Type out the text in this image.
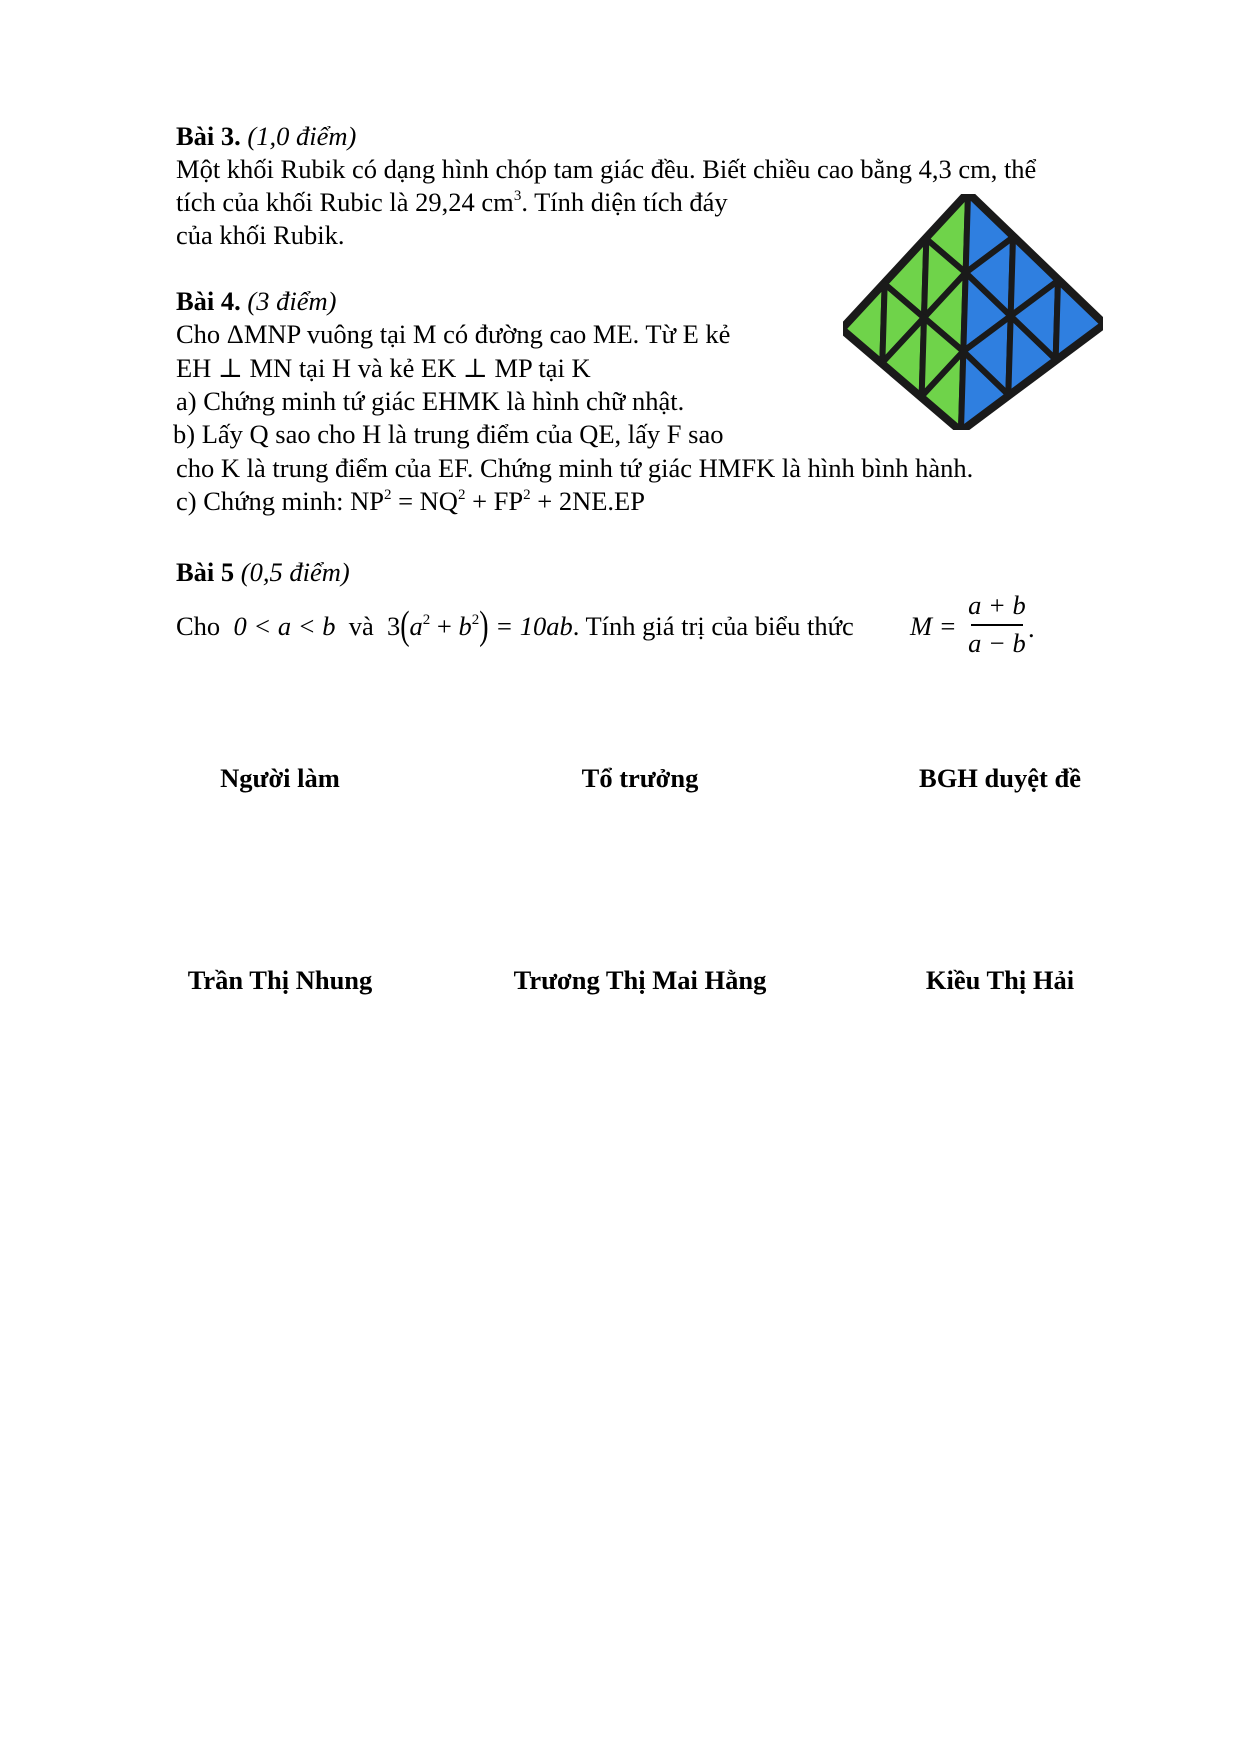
Bài 3. (1,0 điểm)
Một khối Rubik có dạng hình chóp tam giác đều. Biết chiều cao bằng 4,3 cm, thể
tích của khối Rubic là 29,24 $cm^3$. Tính diện tích đáy
của khối Rubik.
Bài 4. (3 điểm)
Cho ΔMNP vuông tại M có đường cao ME. Từ E kẻ
EH ⊥ MN tại H và kẻ EK ⊥ MP tại K
a) Chứng minh tứ giác EHMK là hình chữ nhật.
b) Lấy Q sao cho H là trung điểm của QE, lấy F sao
cho K là trung điểm của EF. Chứng minh tứ giác HMFK là hình bình hành.
c) Chứng minh: $NP^2 = NQ^2 + FP^2 + 2NE.EP$
Bài 5 (0,5 điểm)
Cho 0 < a < b và $3(a^2 + b^2) = 10ab$. Tính giá trị của biểu thức M =
a + b
a − b .
Người làm	Tổ trưởng	BGH duyệt đề
Trần Thị Nhung	Trương Thị Mai Hằng	Kiều Thị Hải
